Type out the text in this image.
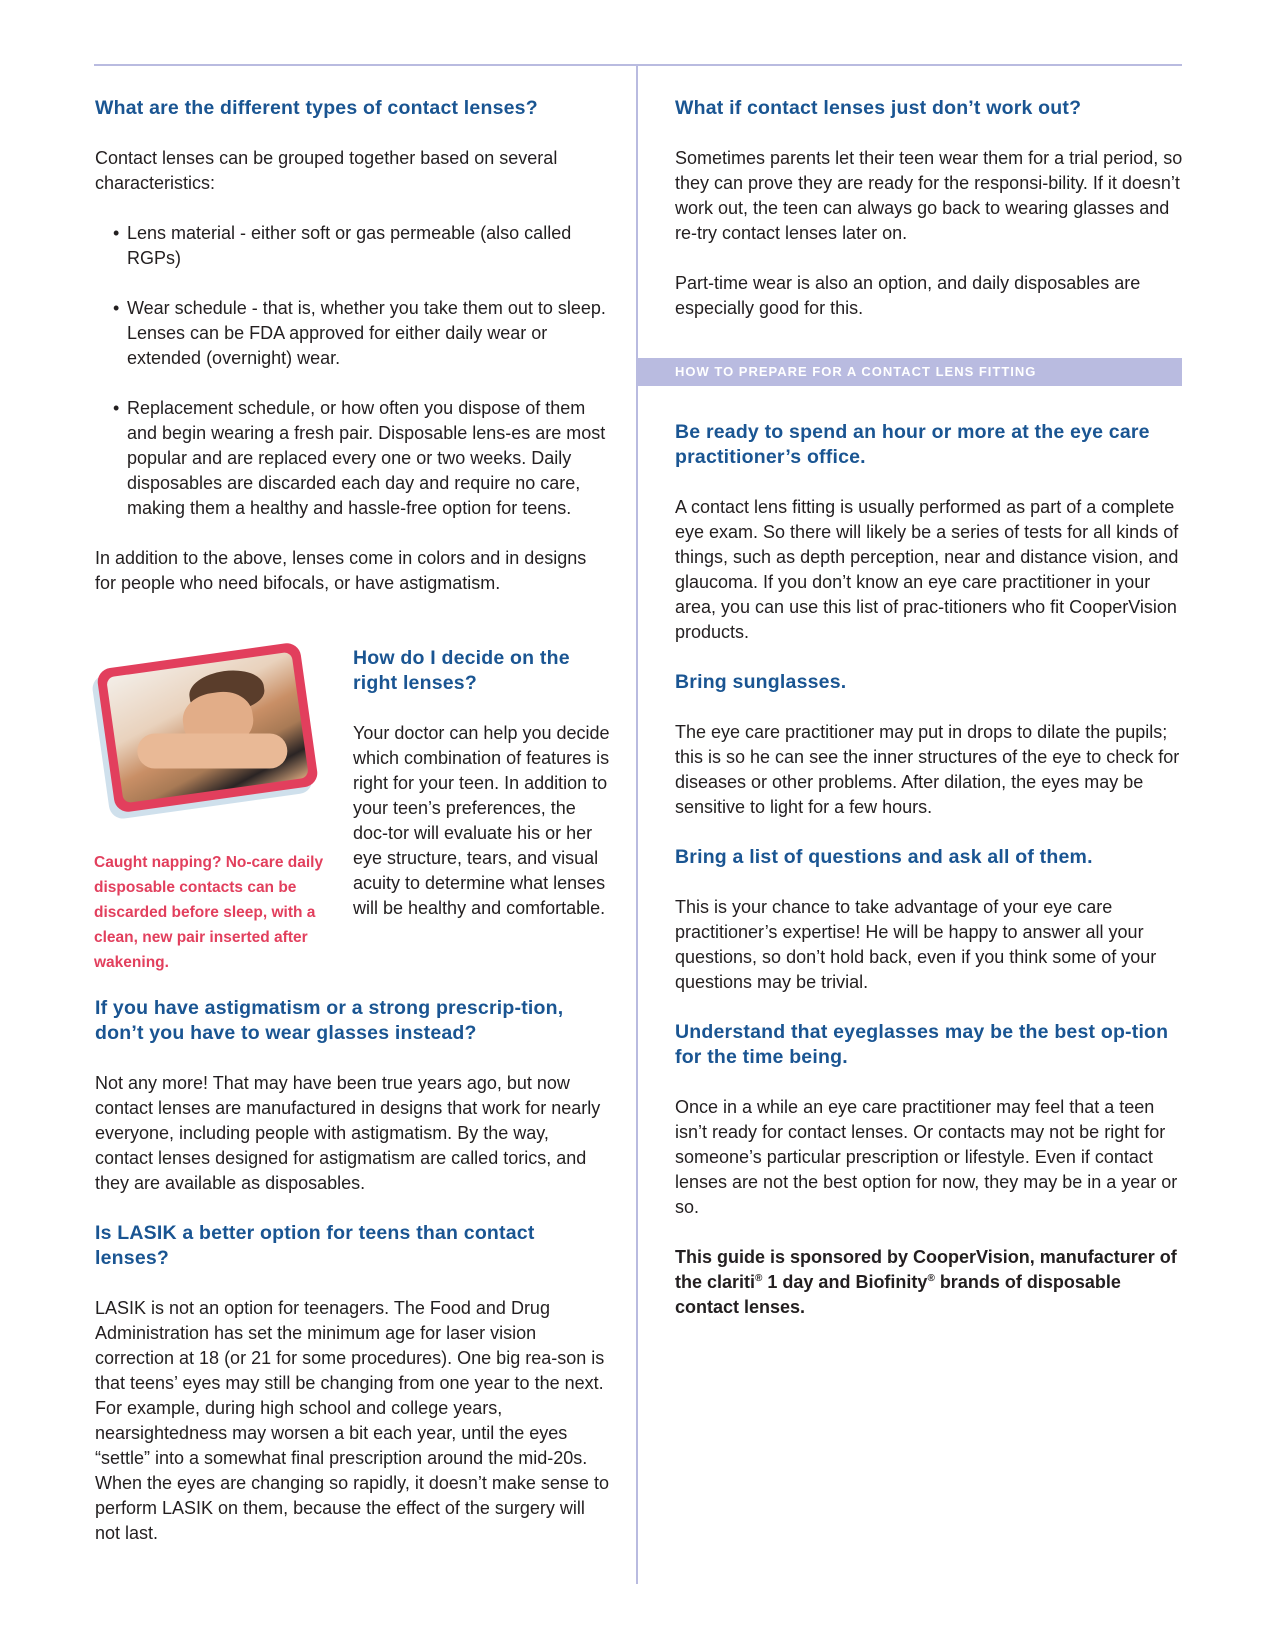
What are the different types of contact lenses?

Contact lenses can be grouped together based on several characteristics:

• Lens material - either soft or gas permeable (also called RGPs)
• Wear schedule - that is, whether you take them out to sleep. Lenses can be FDA approved for either daily wear or extended (overnight) wear.
• Replacement schedule, or how often you dispose of them and begin wearing a fresh pair. Disposable lens-es are most popular and are replaced every one or two weeks. Daily disposables are discarded each day and require no care, making them a healthy and hassle-free option for teens.

In addition to the above, lenses come in colors and in designs for people who need bifocals, or have astigmatism.

Caught napping? No-care daily disposable contacts can be discarded before sleep, with a clean, new pair inserted after wakening.
How do I decide on the right lenses?

Your doctor can help you decide which combination of features is right for your teen. In addition to your teen’s preferences, the doc-tor will evaluate his or her eye structure, tears, and visual acuity to determine what lenses will be healthy and comfortable.

If you have astigmatism or a strong prescrip-tion, don’t you have to wear glasses instead?

Not any more! That may have been true years ago, but now contact lenses are manufactured in designs that work for nearly everyone, including people with astigmatism. By the way, contact lenses designed for astigmatism are called torics, and they are available as disposables.

Is LASIK a better option for teens than contact lenses?

LASIK is not an option for teenagers. The Food and Drug Administration has set the minimum age for laser vision correction at 18 (or 21 for some procedures). One big rea-son is that teens’ eyes may still be changing from one year to the next. For example, during high school and college years, nearsightedness may worsen a bit each year, until the eyes “settle” into a somewhat final prescription around the mid-20s. When the eyes are changing so rapidly, it doesn’t make sense to perform LASIK on them, because the effect of the surgery will not last.

What if contact lenses just don’t work out?

Sometimes parents let their teen wear them for a trial period, so they can prove they are ready for the responsi-bility. If it doesn’t work out, the teen can always go back to wearing glasses and re-try contact lenses later on.

Part-time wear is also an option, and daily disposables are especially good for this.

HOW TO PREPARE FOR A CONTACT LENS FITTING
Be ready to spend an hour or more at the eye care practitioner’s office.

A contact lens fitting is usually performed as part of a complete eye exam. So there will likely be a series of tests for all kinds of things, such as depth perception, near and distance vision, and glaucoma. If you don’t know an eye care practitioner in your area, you can use this list of prac-titioners who fit CooperVision products.

Bring sunglasses.

The eye care practitioner may put in drops to dilate the pupils; this is so he can see the inner structures of the eye to check for diseases or other problems. After dilation, the eyes may be sensitive to light for a few hours.

Bring a list of questions and ask all of them.

This is your chance to take advantage of your eye care practitioner’s expertise! He will be happy to answer all your questions, so don’t hold back, even if you think some of your questions may be trivial.

Understand that eyeglasses may be the best op-tion for the time being.

Once in a while an eye care practitioner may feel that a teen isn’t ready for contact lenses. Or contacts may not be right for someone’s particular prescription or lifestyle. Even if contact lenses are not the best option for now, they may be in a year or so.

This guide is sponsored by CooperVision, manufacturer of the clariti® 1 day and Biofinity® brands of disposable contact lenses.
